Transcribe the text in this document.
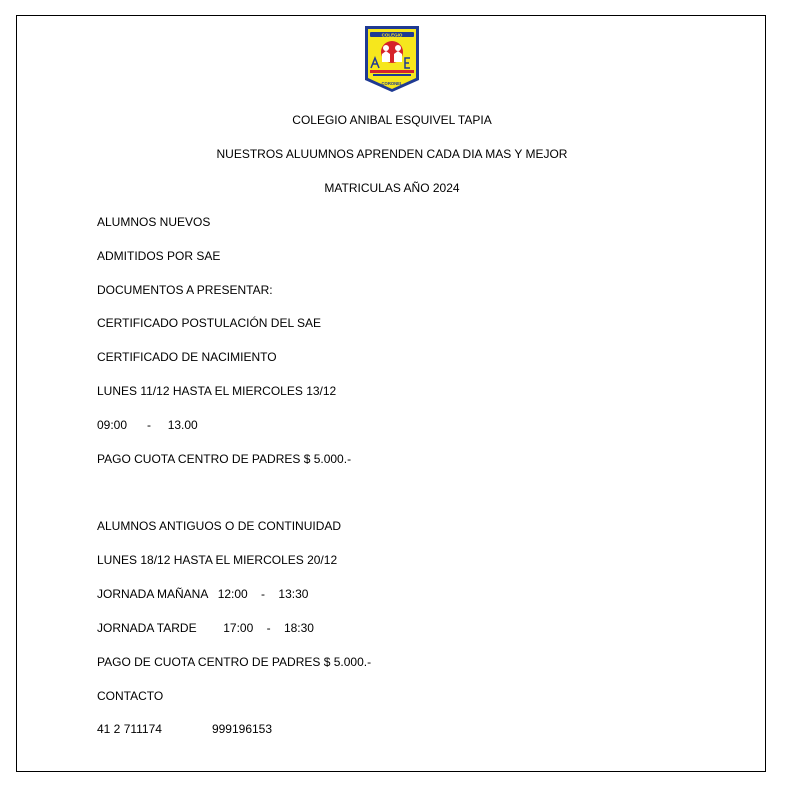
COLEGIO
CORONEL
COLEGIO ANIBAL ESQUIVEL TAPIA
NUESTROS ALUUMNOS APRENDEN CADA DIA MAS Y MEJOR
MATRICULAS AÑO 2024
ALUMNOS NUEVOS
ADMITIDOS POR SAE
DOCUMENTOS A PRESENTAR:
CERTIFICADO POSTULACIÓN DEL SAE
CERTIFICADO DE NACIMIENTO
LUNES 11/12 HASTA EL MIERCOLES 13/12
09:00      -     13.00
PAGO CUOTA CENTRO DE PADRES $ 5.000.-
ALUMNOS ANTIGUOS O DE CONTINUIDAD
LUNES 18/12 HASTA EL MIERCOLES 20/12
JORNADA MAÑANA   12:00    -    13:30
JORNADA TARDE        17:00    -    18:30
PAGO DE CUOTA CENTRO DE PADRES $ 5.000.-
CONTACTO
41 2 711174               999196153
